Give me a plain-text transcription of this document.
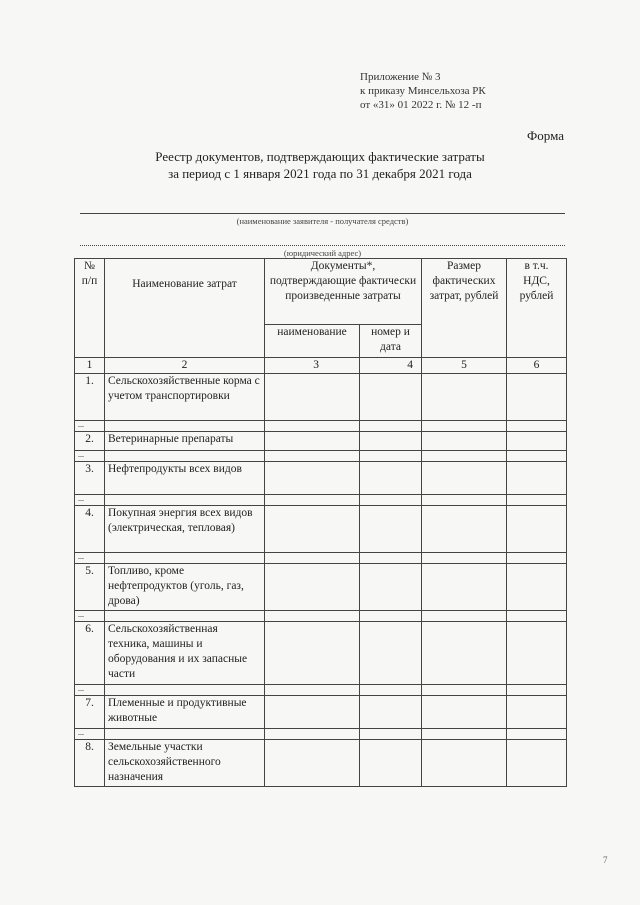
Приложение № 3
к приказу Минсельхоза РК
от «31» 01 2022 г. № 12 -п
Форма
Реестр документов, подтверждающих фактические затраты
за период с 1 января 2021 года по 31 декабря 2021 года
(наименование заявителя - получателя средств)
(юридический адрес)
№ п/п	Наименование затрат	Документы*, подтверждающие фактически произведенные затраты		Размер фактических затрат, рублей	в т.ч. НДС, рублей
		наименование	номер и дата		
1	2	3	4	5	6
1.	Сельскохозяйственные корма с учетом транспортировки				
...					
2.	Ветеринарные препараты				
...					
3.	Нефтепродукты всех видов				
...					
4.	Покупная энергия всех видов (электрическая, тепловая)				
...					
5.	Топливо, кроме нефтепродуктов (уголь, газ, дрова)				
...					
6.	Сельскохозяйственная техника, машины и оборудования и их запасные части				
...					
7.	Племенные и продуктивные животные				
...					
8.	Земельные участки сельскохозяйственного назначения				
7
